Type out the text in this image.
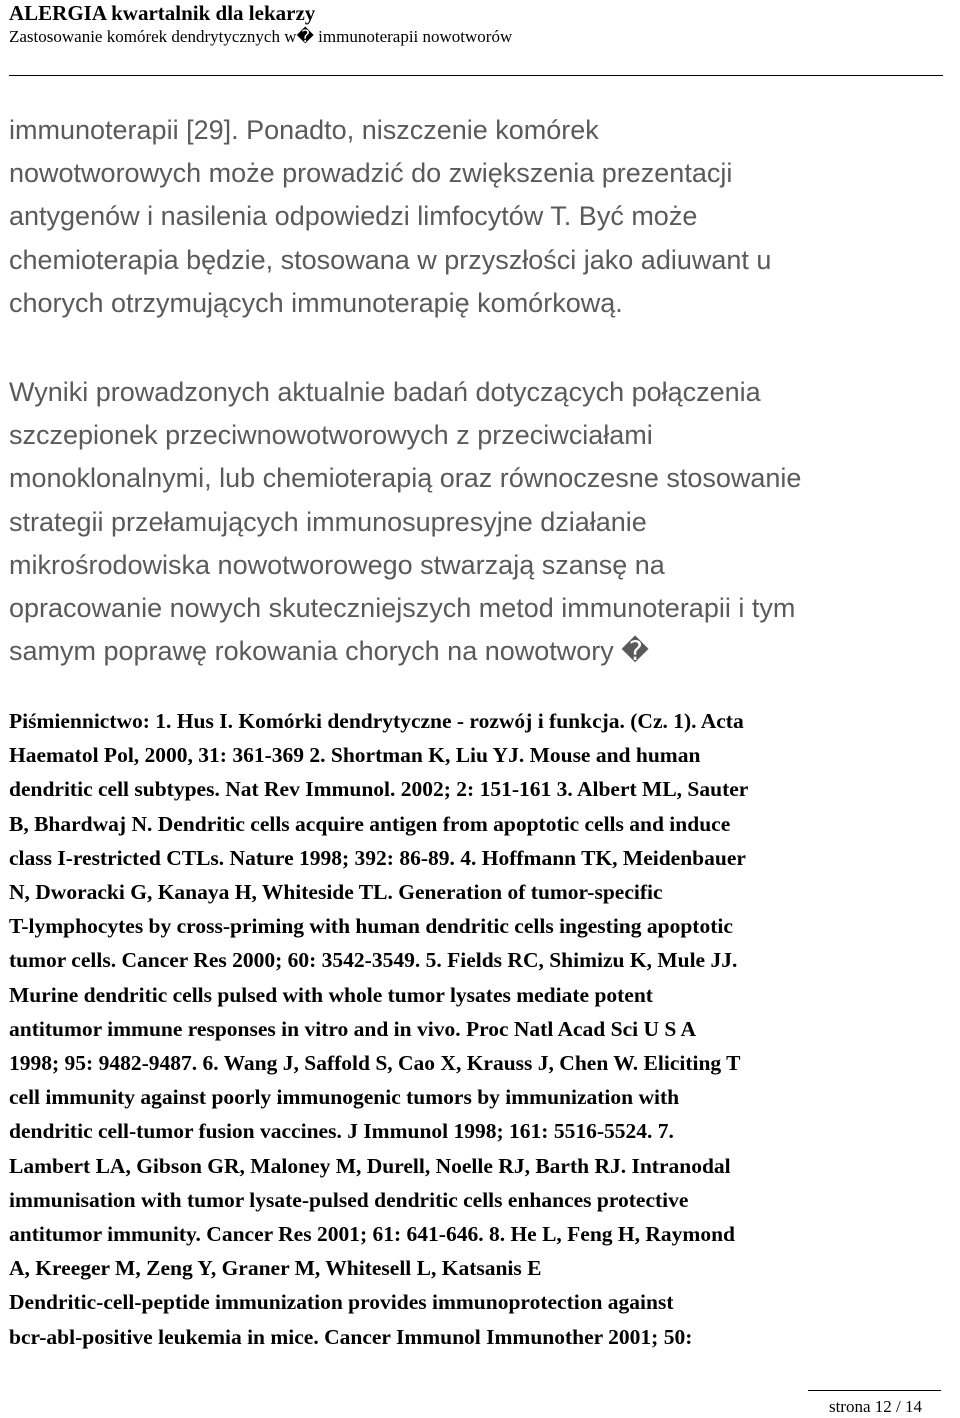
ALERGIA kwartalnik dla lekarzy
Zastosowanie komórek dendrytycznych w� immunoterapii nowotworów
immunoterapii [29]. Ponadto, niszczenie komórek
nowotworowych może prowadzić do zwiększenia prezentacji
antygenów i nasilenia odpowiedzi limfocytów T. Być może
chemioterapia będzie, stosowana w przyszłości jako adiuwant u
chorych otrzymujących immunoterapię komórkową.
Wyniki prowadzonych aktualnie badań dotyczących połączenia
szczepionek przeciwnowotworowych z przeciwciałami
monoklonalnymi, lub chemioterapią oraz równoczesne stosowanie
strategii przełamujących immunosupresyjne działanie
mikrośrodowiska nowotworowego stwarzają szansę na
opracowanie nowych skuteczniejszych metod immunoterapii i tym
samym poprawę rokowania chorych na nowotwory �
Piśmiennictwo: 1. Hus I. Komórki dendrytyczne - rozwój i funkcja. (Cz. 1). Acta
Haematol Pol, 2000, 31: 361-369 2. Shortman K, Liu YJ. Mouse and human
dendritic cell subtypes. Nat Rev Immunol. 2002; 2: 151-161 3. Albert ML, Sauter
B, Bhardwaj N. Dendritic cells acquire antigen from apoptotic cells and induce
class I-restricted CTLs. Nature 1998; 392: 86-89. 4. Hoffmann TK, Meidenbauer
N, Dworacki G, Kanaya H, Whiteside TL. Generation of tumor-specific
T-lymphocytes by cross-priming with human dendritic cells ingesting apoptotic
tumor cells. Cancer Res 2000; 60: 3542-3549. 5. Fields RC, Shimizu K, Mule JJ.
Murine dendritic cells pulsed with whole tumor lysates mediate potent
antitumor immune responses in vitro and in vivo. Proc Natl Acad Sci U S A
1998; 95: 9482-9487. 6. Wang J, Saffold S, Cao X, Krauss J, Chen W. Eliciting T
cell immunity against poorly immunogenic tumors by immunization with
dendritic cell-tumor fusion vaccines. J Immunol 1998; 161: 5516-5524. 7.
Lambert LA, Gibson GR, Maloney M, Durell, Noelle RJ, Barth RJ. Intranodal
immunisation with tumor lysate-pulsed dendritic cells enhances protective
antitumor immunity. Cancer Res 2001; 61: 641-646. 8. He L, Feng H, Raymond
A, Kreeger M, Zeng Y, Graner M, Whitesell L, Katsanis E
Dendritic-cell-peptide immunization provides immunoprotection against
bcr-abl-positive leukemia in mice. Cancer Immunol Immunother 2001; 50:
strona 12 / 14
